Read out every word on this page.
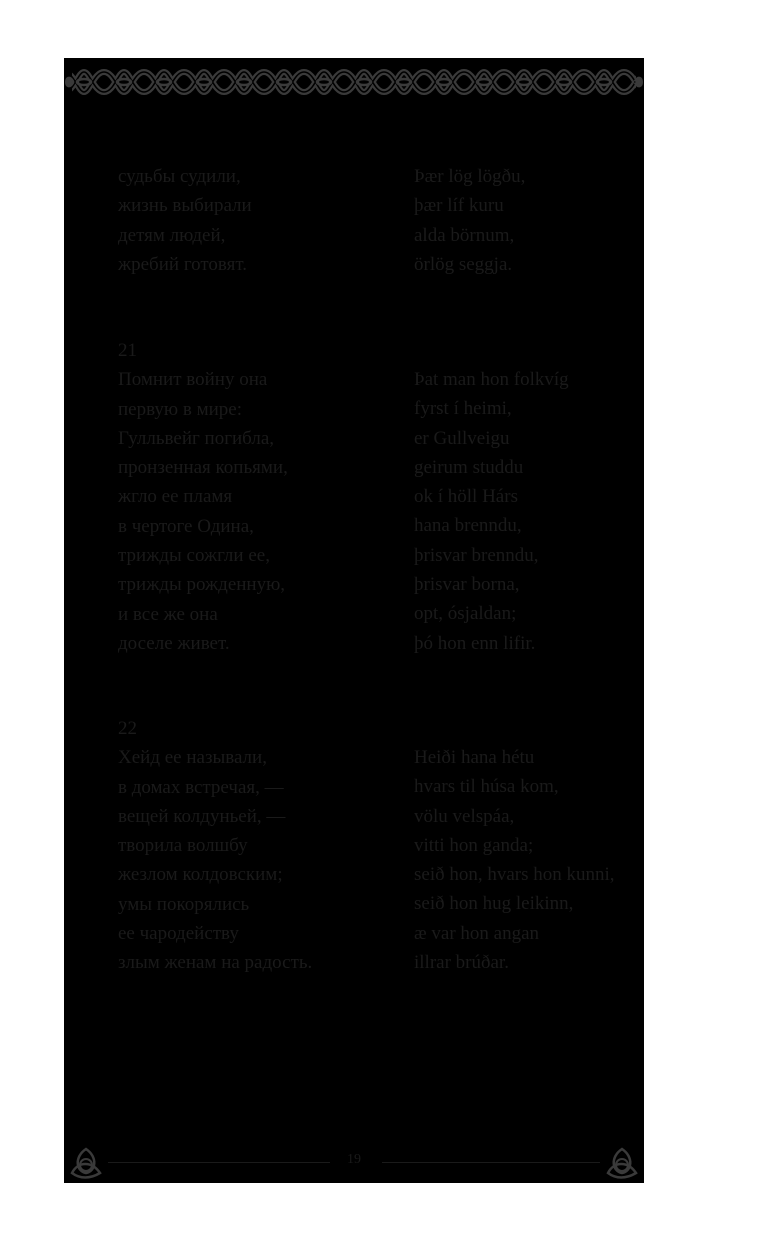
судьбы судили,
жизнь выбирали
детям людей,
жребий готовят.
Þær lög lögðu,
þær líf kuru
alda börnum,
örlög seggja.
21
Помнит войну она
первую в мире:
Гулльвейг погибла,
пронзенная копьями,
жгло ее пламя
в чертоге Одина,
трижды сожгли ее,
трижды рожденную,
и все же она
доселе живет.
Þat man hon folkvíg
fyrst í heimi,
er Gullveigu
geirum studdu
ok í höll Hárs
hana brenndu,
þrisvar brenndu,
þrisvar borna,
opt, ósjaldan;
þó hon enn lifir.
22
Хейд ее называли,
в домах встречая, —
вещей колдуньей, —
творила волшбу
жезлом колдовским;
умы покорялись
ее чародейству
злым женам на радость.
Heiði hana hétu
hvars til húsa kom,
völu velspáa,
vitti hon ganda;
seið hon, hvars hon kunni,
seið hon hug leikinn,
æ var hon angan
illrar brúðar.
19
